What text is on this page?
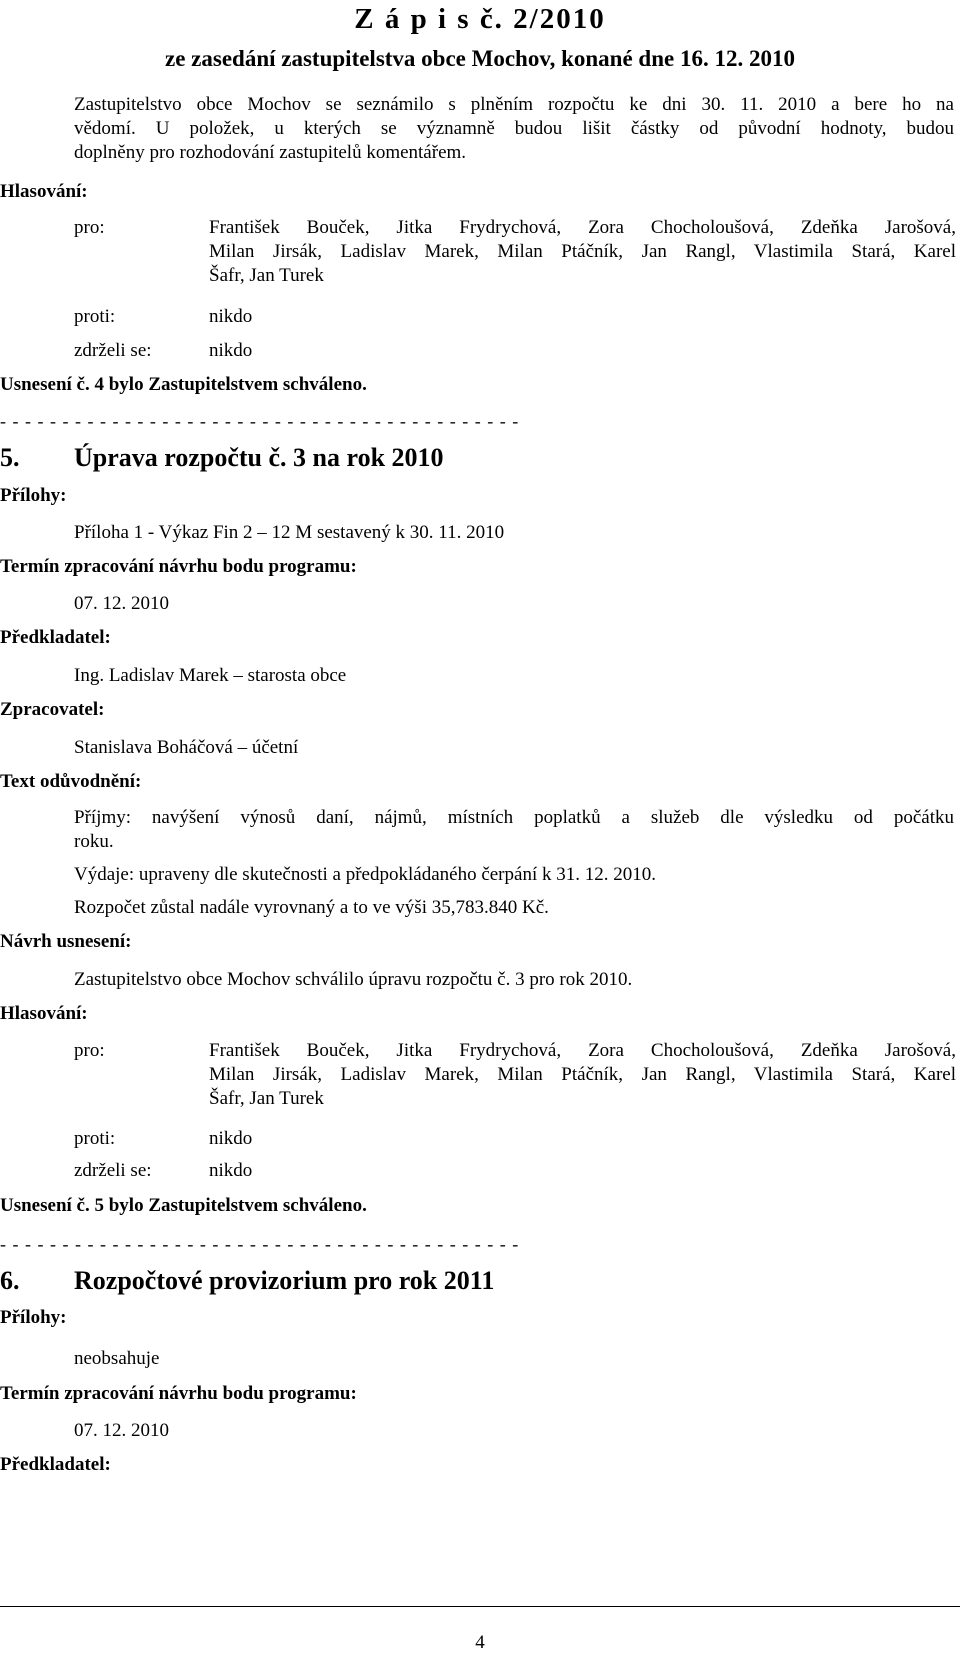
Z á p i s č. 2/2010
ze zasedání zastupitelstva obce Mochov, konané dne 16. 12. 2010
Zastupitelstvo obce Mochov se seznámilo s plněním rozpočtu ke dni 30. 11. 2010 a bere ho na
vědomí. U položek, u kterých se významně budou lišit částky od původní hodnoty, budou
doplněny pro rozhodování zastupitelů komentářem.
Hlasování:
pro:	František Bouček, Jitka Frydrychová, Zora Chocholoušová, Zdeňka Jarošová,
Milan Jirsák, Ladislav Marek, Milan Ptáčník, Jan Rangl, Vlastimila Stará, Karel
Šafr, Jan Turek
proti:	nikdo
zdrželi se:	nikdo
Usnesení č. 4 bylo Zastupitelstvem schváleno.
- - - - - - - - - - - - - - - - - - - - - - - - - - - - - - - - - - - - - - - - - -
5. Úprava rozpočtu č. 3 na rok 2010
Přílohy:
Příloha 1 - Výkaz Fin 2 – 12 M sestavený k 30. 11. 2010
Termín zpracování návrhu bodu programu:
07. 12. 2010
Předkladatel:
Ing. Ladislav Marek – starosta obce
Zpracovatel:
Stanislava Boháčová – účetní
Text odůvodnění:
Příjmy: navýšení výnosů daní, nájmů, místních poplatků a služeb dle výsledku od počátku
roku.
Výdaje: upraveny dle skutečnosti a předpokládaného čerpání k 31. 12. 2010.
Rozpočet zůstal nadále vyrovnaný a to ve výši 35,783.840 Kč.
Návrh usnesení:
Zastupitelstvo obce Mochov schválilo úpravu rozpočtu č. 3 pro rok 2010.
Hlasování:
pro:	František Bouček, Jitka Frydrychová, Zora Chocholoušová, Zdeňka Jarošová,
Milan Jirsák, Ladislav Marek, Milan Ptáčník, Jan Rangl, Vlastimila Stará, Karel
Šafr, Jan Turek
proti:	nikdo
zdrželi se:	nikdo
Usnesení č. 5 bylo Zastupitelstvem schváleno.
- - - - - - - - - - - - - - - - - - - - - - - - - - - - - - - - - - - - - - - - - -
6. Rozpočtové provizorium pro rok 2011
Přílohy:
neobsahuje
Termín zpracování návrhu bodu programu:
07. 12. 2010
Předkladatel:
4
